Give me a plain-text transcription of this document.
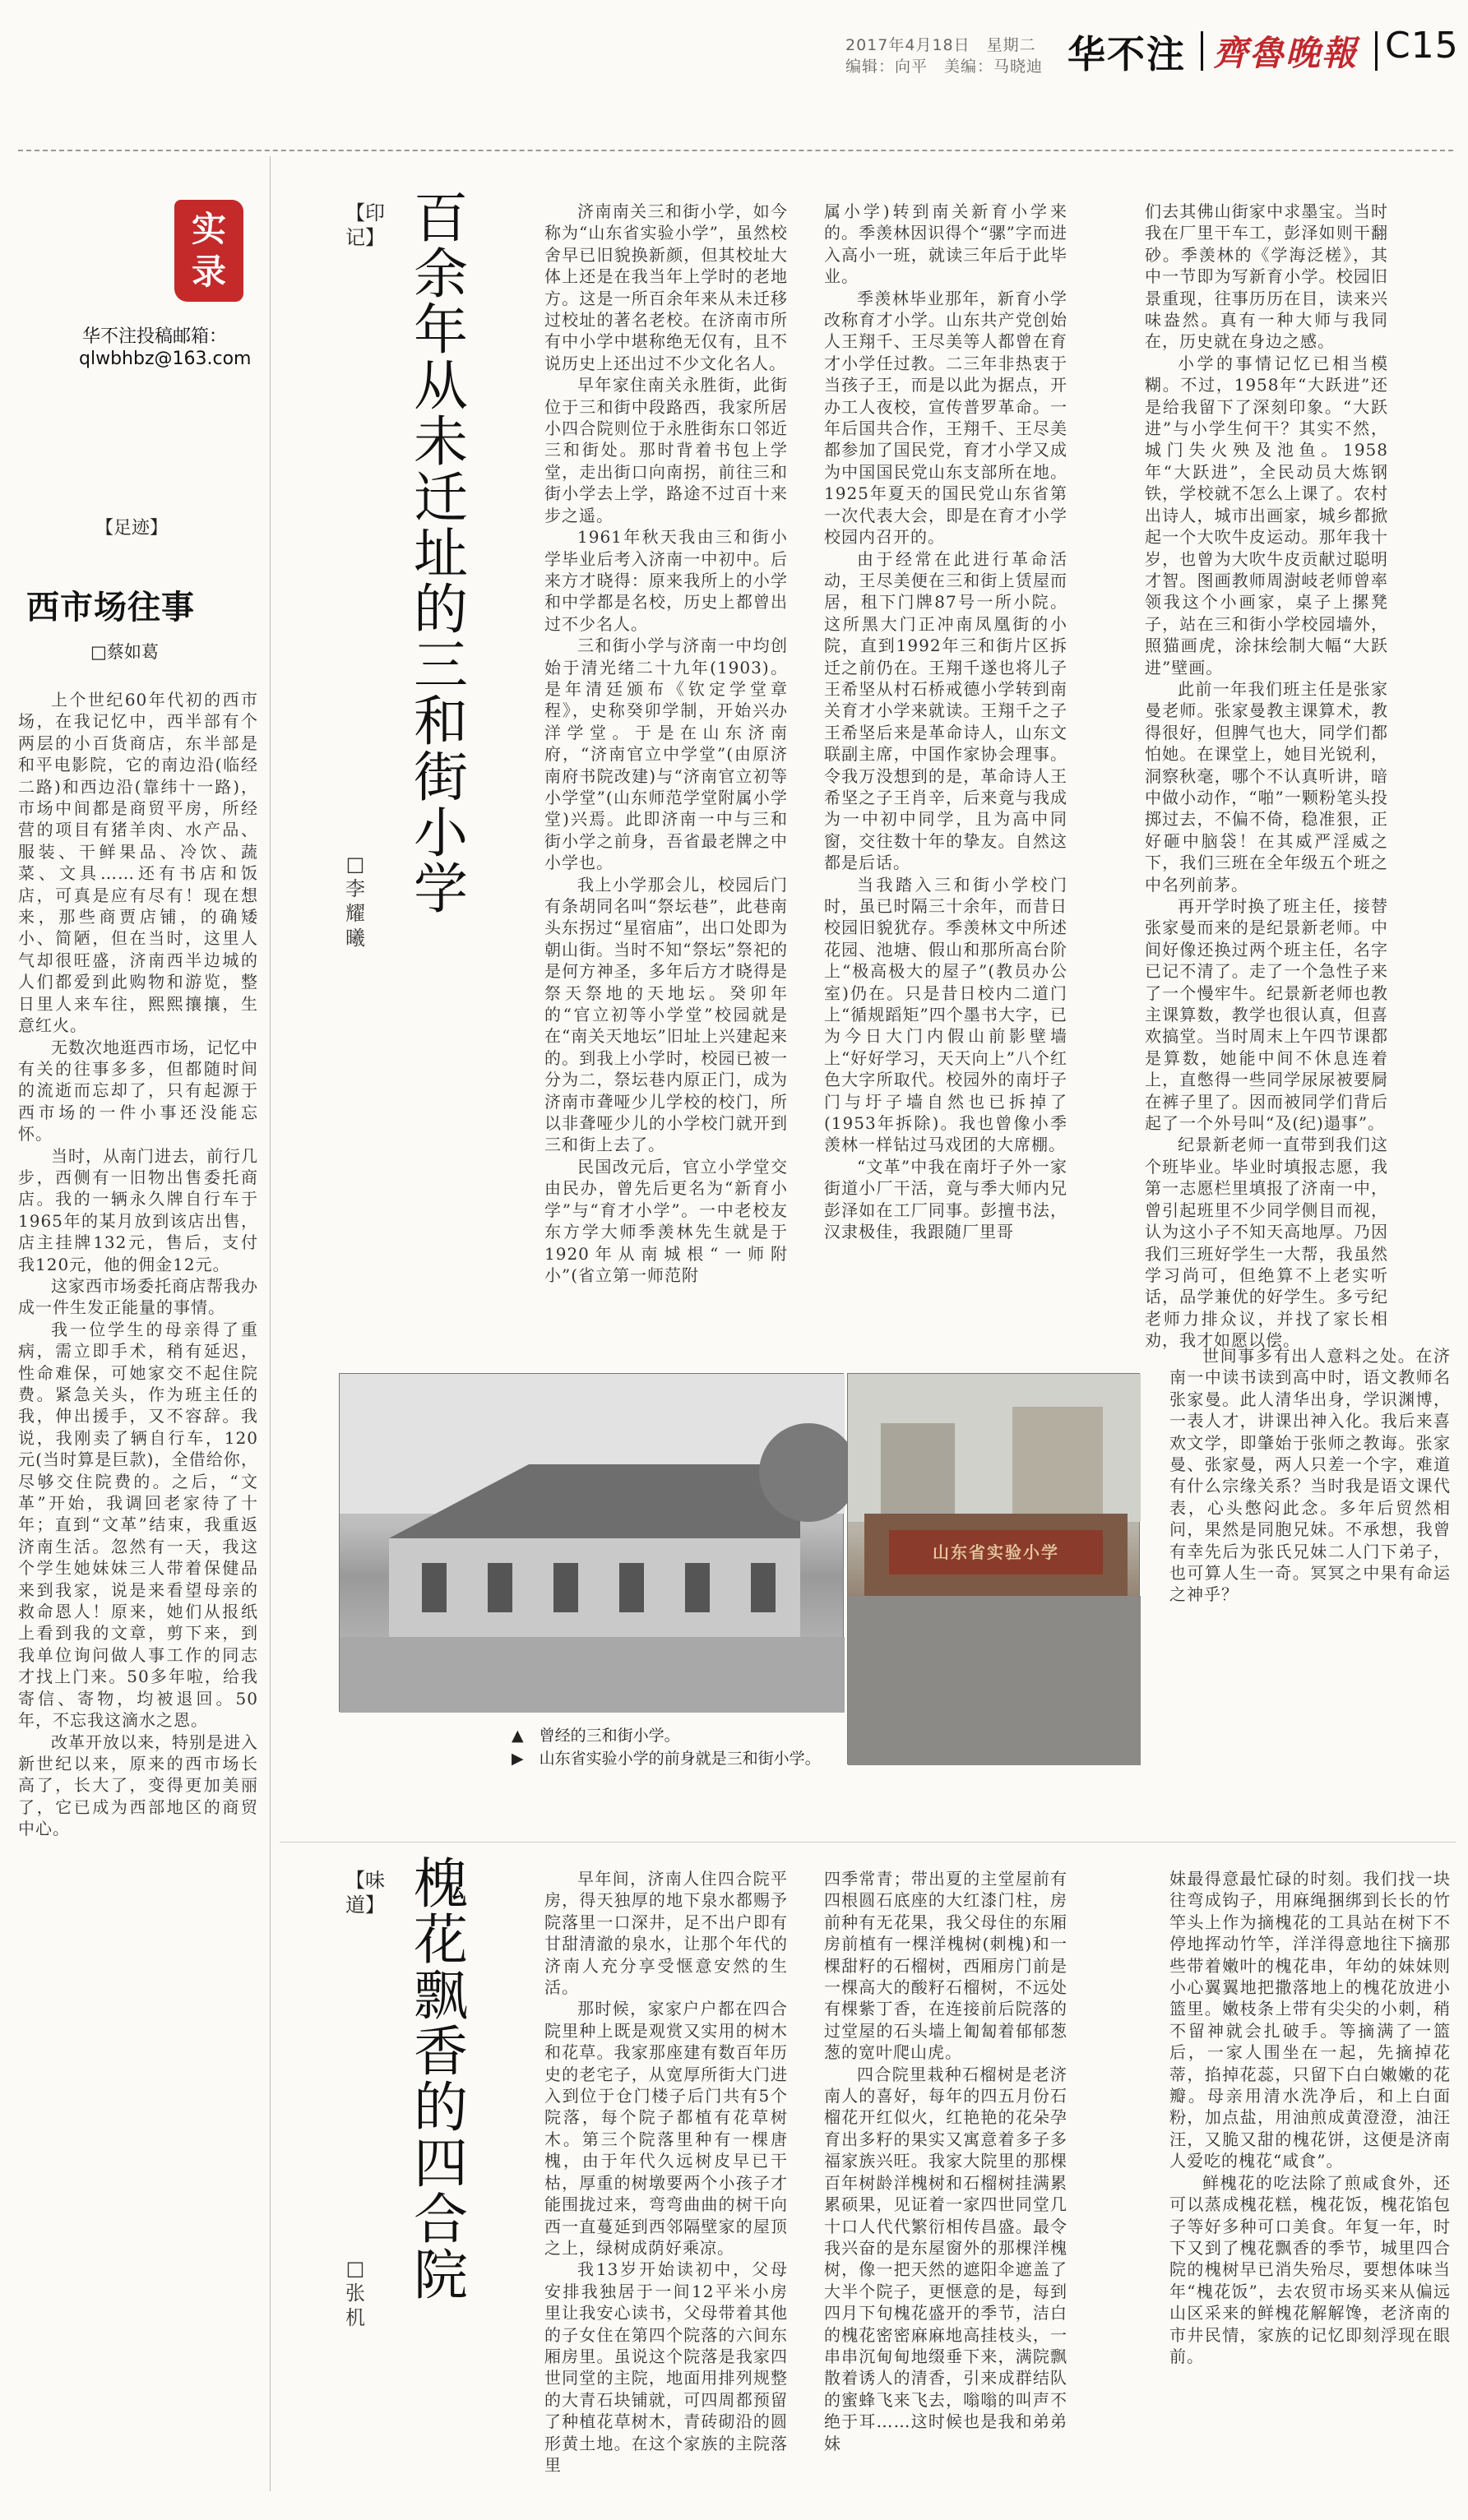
2017年4月18日　星期二
编辑：向平　美编：马晓迪 华不注 齊魯晚報 C15
实
录
华不注投稿邮箱：
qlwbhbz@163.com
【足迹】
西市场往事
□蔡如葛

上个世纪60年代初的西市场，在我记忆中，西半部有个两层的小百货商店，东半部是和平电影院，它的南边沿(临经二路)和西边沿(靠纬十一路)，市场中间都是商贸平房，所经营的项目有猪羊肉、水产品、服装、干鲜果品、冷饮、蔬菜、文具……还有书店和饭店，可真是应有尽有！现在想来，那些商贾店铺，的确矮小、简陋，但在当时，这里人气却很旺盛，济南西半边城的人们都爱到此购物和游览，整日里人来车往，熙熙攘攘，生意红火。

无数次地逛西市场，记忆中有关的往事多多，但都随时间的流逝而忘却了，只有起源于西市场的一件小事还没能忘怀。

当时，从南门进去，前行几步，西侧有一旧物出售委托商店。我的一辆永久牌自行车于1965年的某月放到该店出售，店主挂牌132元，售后，支付我120元，他的佣金12元。

这家西市场委托商店帮我办成一件生发正能量的事情。

我一位学生的母亲得了重病，需立即手术，稍有延迟，性命难保，可她家交不起住院费。紧急关头，作为班主任的我，伸出援手，又不容辞。我说，我刚卖了辆自行车，120元(当时算是巨款)，全借给你，尽够交住院费的。之后，“文革”开始，我调回老家待了十年；直到“文革”结束，我重返济南生活。忽然有一天，我这个学生她妹妹三人带着保健品来到我家，说是来看望母亲的救命恩人！原来，她们从报纸上看到我的文章，剪下来，到我单位询问做人事工作的同志才找上门来。50多年啦，给我寄信、寄物，均被退回。50年，不忘我这滴水之恩。

改革开放以来，特别是进入新世纪以来，原来的西市场长高了，长大了，变得更加美丽了，它已成为西部地区的商贸中心。

【印记】 百余年从未迁址的三和街小学
□李耀曦

济南南关三和街小学，如今称为“山东省实验小学”，虽然校舍早已旧貌换新颜，但其校址大体上还是在我当年上学时的老地方。这是一所百余年来从未迁移过校址的著名老校。在济南市所有中小学中堪称绝无仅有，且不说历史上还出过不少文化名人。

早年家住南关永胜街，此街位于三和街中段路西，我家所居小四合院则位于永胜街东口邻近三和街处。那时背着书包上学堂，走出街口向南拐，前往三和街小学去上学，路途不过百十来步之遥。

1961年秋天我由三和街小学毕业后考入济南一中初中。后来方才晓得：原来我所上的小学和中学都是名校，历史上都曾出过不少名人。

三和街小学与济南一中均创始于清光绪二十九年(1903)。是年清廷颁布《钦定学堂章程》，史称癸卯学制，开始兴办洋学堂。于是在山东济南府，“济南官立中学堂”(由原济南府书院改建)与“济南官立初等小学堂”(山东师范学堂附属小学堂)兴焉。此即济南一中与三和街小学之前身，吾省最老牌之中小学也。

我上小学那会儿，校园后门有条胡同名叫“祭坛巷”，此巷南头东拐过“星宿庙”，出口处即为朝山街。当时不知“祭坛”祭祀的是何方神圣，多年后方才晓得是祭天祭地的天地坛。癸卯年的“官立初等小学堂”校园就是在“南关天地坛”旧址上兴建起来的。到我上小学时，校园已被一分为二，祭坛巷内原正门，成为济南市聋哑少儿学校的校门，所以非聋哑少儿的小学校门就开到三和街上去了。

民国改元后，官立小学堂交由民办，曾先后更名为“新育小学”与“育才小学”。一中老校友东方学大师季羡林先生就是于1920年从南城根“一师附小”(省立第一师范附

属小学)转到南关新育小学来的。季羡林因识得个“骡”字而进入高小一班，就读三年后于此毕业。

季羡林毕业那年，新育小学改称育才小学。山东共产党创始人王翔千、王尽美等人都曾在育才小学任过教。二三年非热衷于当孩子王，而是以此为据点，开办工人夜校，宣传普罗革命。一年后国共合作，王翔千、王尽美都参加了国民党，育才小学又成为中国国民党山东支部所在地。1925年夏天的国民党山东省第一次代表大会，即是在育才小学校园内召开的。

由于经常在此进行革命活动，王尽美便在三和街上赁屋而居，租下门牌87号一所小院。这所黑大门正冲南凤凰街的小院，直到1992年三和街片区拆迁之前仍在。王翔千遂也将儿子王希坚从村石桥戒德小学转到南关育才小学来就读。王翔千之子王希坚后来是革命诗人，山东文联副主席，中国作家协会理事。令我万没想到的是，革命诗人王希坚之子王肖辛，后来竟与我成为一中初中同学，且为高中同窗，交往数十年的挚友。自然这都是后话。

当我踏入三和街小学校门时，虽已时隔三十余年，而昔日校园旧貌犹存。季羡林文中所述花园、池塘、假山和那所高台阶上“极高极大的屋子”(教员办公室)仍在。只是昔日校内二道门上“循规蹈矩”四个墨书大字，已为今日大门内假山前影壁墙上“好好学习，天天向上”八个红色大字所取代。校园外的南圩子门与圩子墙自然也已拆掉了(1953年拆除)。我也曾像小季羡林一样钻过马戏团的大席棚。

“文革”中我在南圩子外一家街道小厂干活，竟与季大师内兄彭泽如在工厂同事。彭擅书法，汉隶极佳，我跟随厂里哥

们去其佛山街家中求墨宝。当时我在厂里干车工，彭泽如则干翻砂。季羡林的《学海泛槎》，其中一节即为写新育小学。校园旧景重现，往事历历在目，读来兴味盎然。真有一种大师与我同在，历史就在身边之感。

小学的事情记忆已相当模糊。不过，1958年“大跃进”还是给我留下了深刻印象。“大跃进”与小学生何干？其实不然，城门失火殃及池鱼。1958年“大跃进”，全民动员大炼钢铁，学校就不怎么上课了。农村出诗人，城市出画家，城乡都掀起一个大吹牛皮运动。那年我十岁，也曾为大吹牛皮贡献过聪明才智。图画教师周澍岐老师曾率领我这个小画家，桌子上摞凳子，站在三和街小学校园墙外，照猫画虎，涂抹绘制大幅“大跃进”壁画。

此前一年我们班主任是张家曼老师。张家曼教主课算术，教得很好，但脾气也大，同学们都怕她。在课堂上，她目光锐利，洞察秋毫，哪个不认真听讲，暗中做小动作，“啪”一颗粉笔头投掷过去，不偏不倚，稳准狠，正好砸中脑袋！在其威严淫威之下，我们三班在全年级五个班之中名列前茅。

再开学时换了班主任，接替张家曼而来的是纪景新老师。中间好像还换过两个班主任，名字已记不清了。走了一个急性子来了一个慢牢牛。纪景新老师也教主课算数，教学也很认真，但喜欢搞堂。当时周末上午四节课都是算数，她能中间不休息连着上，直憋得一些同学尿尿被要屙在裤子里了。因而被同学们背后起了一个外号叫“及(纪)遢事”。

纪景新老师一直带到我们这个班毕业。毕业时填报志愿，我第一志愿栏里填报了济南一中，曾引起班里不少同学侧目而视，认为这小子不知天高地厚。乃因我们三班好学生一大帮，我虽然学习尚可，但绝算不上老实听话，品学兼优的好学生。多亏纪老师力排众议，并找了家长相劝，我才如愿以偿。

世间事多有出人意料之处。在济南一中读书读到高中时，语文教师名张家曼。此人清华出身，学识渊博，一表人才，讲课出神入化。我后来喜欢文学，即肇始于张师之教诲。张家曼、张家曼，两人只差一个字，难道有什么宗缘关系？当时我是语文课代表，心头憋闷此念。多年后贸然相问，果然是同胞兄妹。不承想，我曾有幸先后为张氏兄妹二人门下弟子，也可算人生一奇。冥冥之中果有命运之神乎？

山东省实验小学
▲　曾经的三和街小学。
▶　山东省实验小学的前身就是三和街小学。
【味道】 槐花飘香的四合院
□张机

早年间，济南人住四合院平房，得天独厚的地下泉水都赐予院落里一口深井，足不出户即有甘甜清澈的泉水，让那个年代的济南人充分享受惬意安然的生活。

那时候，家家户户都在四合院里种上既是观赏又实用的树木和花草。我家那座建有数百年历史的老宅子，从宽厚所街大门进入到位于仓门楼子后门共有5个院落，每个院子都植有花草树木。第三个院落里种有一棵唐槐，由于年代久远树皮早已干枯，厚重的树墩要两个小孩子才能围拢过来，弯弯曲曲的树干向西一直蔓延到西邻隔壁家的屋顶之上，绿树成荫好乘凉。

我13岁开始读初中，父母安排我独居于一间12平米小房里让我安心读书，父母带着其他的子女住在第四个院落的六间东厢房里。虽说这个院落是我家四世同堂的主院，地面用排列规整的大青石块铺就，可四周都预留了种植花草树木，青砖砌沿的圆形黄土地。在这个家族的主院落里

四季常青；带出夏的主堂屋前有四根圆石底座的大红漆门柱，房前种有无花果，我父母住的东厢房前植有一棵洋槐树(刺槐)和一棵甜籽的石榴树，西厢房门前是一棵高大的酸籽石榴树，不远处有棵紫丁香，在连接前后院落的过堂屋的石头墙上匍匐着郁郁葱葱的宽叶爬山虎。

四合院里栽种石榴树是老济南人的喜好，每年的四五月份石榴花开红似火，红艳艳的花朵孕育出多籽的果实又寓意着多子多福家族兴旺。我家大院里的那棵百年树龄洋槐树和石榴树挂满累累硕果，见证着一家四世同堂几十口人代代繁衍相传昌盛。最令我兴奋的是东屋窗外的那棵洋槐树，像一把天然的遮阳伞遮盖了大半个院子，更惬意的是，每到四月下旬槐花盛开的季节，洁白的槐花密密麻麻地高挂枝头，一串串沉甸甸地缀垂下来，满院飘散着诱人的清香，引来成群结队的蜜蜂飞来飞去，嗡嗡的叫声不绝于耳……这时候也是我和弟弟妹

妹最得意最忙碌的时刻。我们找一块往弯成钩子，用麻绳捆绑到长长的竹竿头上作为摘槐花的工具站在树下不停地挥动竹竿，洋洋得意地往下摘那些带着嫩叶的槐花串，年幼的妹妹则小心翼翼地把撒落地上的槐花放进小篮里。嫩枝条上带有尖尖的小刺，稍不留神就会扎破手。等摘满了一篮后，一家人围坐在一起，先摘掉花蒂，掐掉花蕊，只留下白白嫩嫩的花瓣。母亲用清水洗净后，和上白面粉，加点盐，用油煎成黄澄澄，油汪汪，又脆又甜的槐花饼，这便是济南人爱吃的槐花“咸食”。

鲜槐花的吃法除了煎咸食外，还可以蒸成槐花糕，槐花饭，槐花馅包子等好多种可口美食。年复一年，时下又到了槐花飘香的季节，城里四合院的槐树早已消失殆尽，要想体味当年“槐花饭”，去农贸市场买来从偏远山区采来的鲜槐花解解馋，老济南的市井民情，家族的记忆即刻浮现在眼前。
